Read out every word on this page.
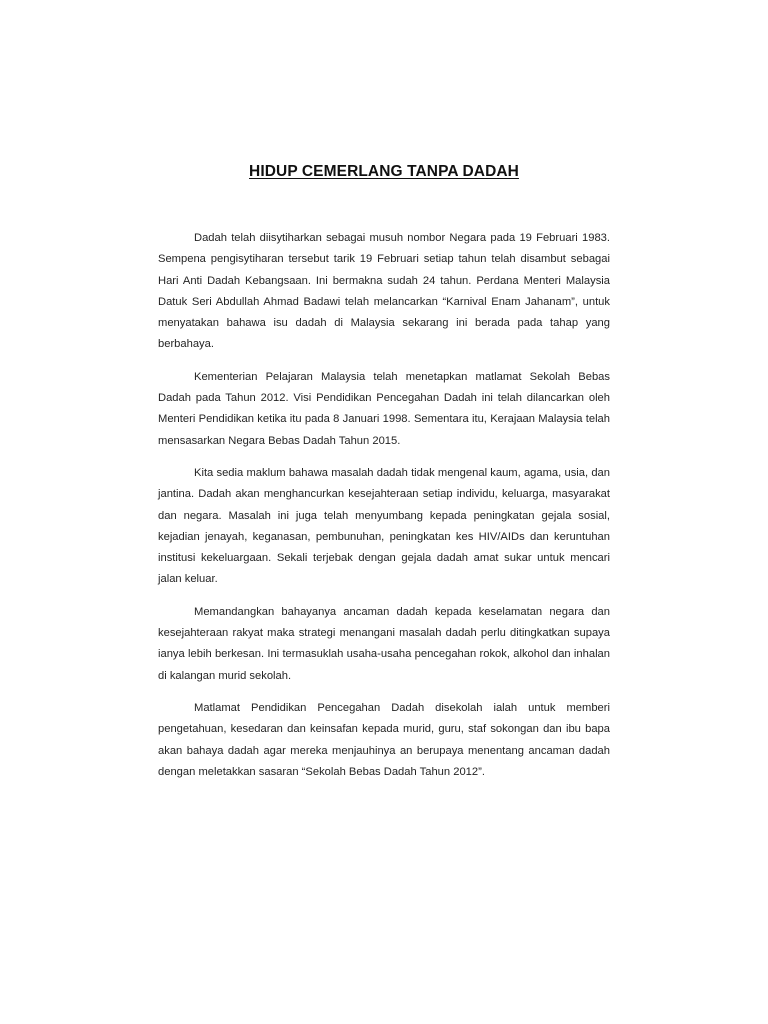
HIDUP CEMERLANG TANPA DADAH

Dadah telah diisytiharkan sebagai musuh nombor Negara pada 19 Februari 1983. Sempena pengisytiharan tersebut tarik 19 Februari setiap tahun telah disambut sebagai Hari Anti Dadah Kebangsaan. Ini bermakna sudah 24 tahun. Perdana Menteri Malaysia Datuk Seri Abdullah Ahmad Badawi telah melancarkan “Karnival Enam Jahanam”, untuk menyatakan bahawa isu dadah di Malaysia sekarang ini berada pada tahap yang berbahaya.

Kementerian Pelajaran Malaysia telah menetapkan matlamat Sekolah Bebas Dadah pada Tahun 2012. Visi Pendidikan Pencegahan Dadah ini telah dilancarkan oleh Menteri Pendidikan ketika itu pada 8 Januari 1998. Sementara itu, Kerajaan Malaysia telah mensasarkan Negara Bebas Dadah Tahun 2015.

Kita sedia maklum bahawa masalah dadah tidak mengenal kaum, agama, usia, dan jantina. Dadah akan menghancurkan kesejahteraan setiap individu, keluarga, masyarakat dan negara. Masalah ini juga telah menyumbang kepada peningkatan gejala sosial, kejadian jenayah, keganasan, pembunuhan, peningkatan kes HIV/AIDs dan keruntuhan institusi kekeluargaan. Sekali terjebak dengan gejala dadah amat sukar untuk mencari jalan keluar.

Memandangkan bahayanya ancaman dadah kepada keselamatan negara dan kesejahteraan rakyat maka strategi menangani masalah dadah perlu ditingkatkan supaya ianya lebih berkesan. Ini termasuklah usaha-usaha pencegahan rokok, alkohol dan inhalan di kalangan murid sekolah.

Matlamat Pendidikan Pencegahan Dadah disekolah ialah untuk memberi pengetahuan, kesedaran dan keinsafan kepada murid, guru, staf sokongan dan ibu bapa akan bahaya dadah agar mereka menjauhinya an berupaya menentang ancaman dadah dengan meletakkan sasaran “Sekolah Bebas Dadah Tahun 2012”.
